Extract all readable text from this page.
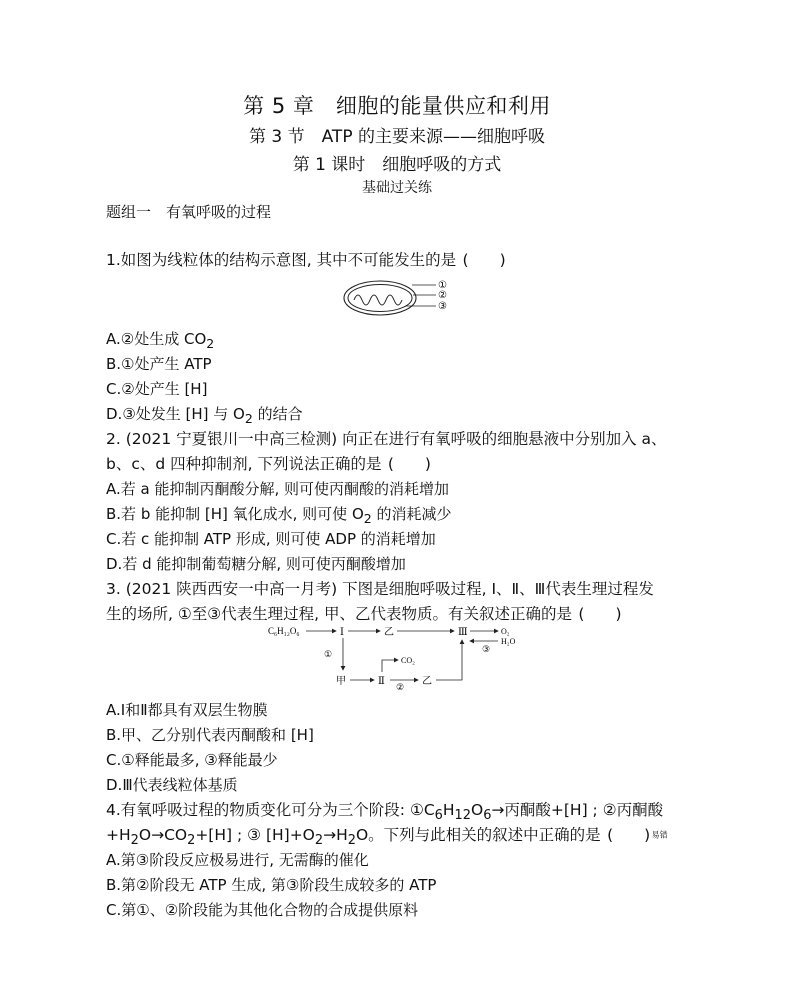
第 5 章　细胞的能量供应和利用
第 3 节　ATP 的主要来源——细胞呼吸
第 1 课时　细胞呼吸的方式
基础过关练
题组一　有氧呼吸的过程
1.如图为线粒体的结构示意图, 其中不可能发生的是 (　　)
①
②
③
A.②处生成 $CO_2$
B.①处产生 ATP
C.②处产生 [H]
D.③处发生 [H] 与 $O_2$ 的结合
2. (2021 宁夏银川一中高三检测) 向正在进行有氧呼吸的细胞悬液中分别加入 a、
b、c、d 四种抑制剂, 下列说法正确的是 (　　)
A.若 a 能抑制丙酮酸分解, 则可使丙酮酸的消耗增加
B.若 b 能抑制 [H] 氧化成水, 则可使 $O_2$ 的消耗减少
C.若 c 能抑制 ATP 形成, 则可使 ADP 的消耗增加
D.若 d 能抑制葡萄糖分解, 则可使丙酮酸增加
3. (2021 陕西西安一中高一月考) 下图是细胞呼吸过程, Ⅰ、Ⅱ、Ⅲ代表生理过程发
生的场所, ①至③代表生理过程, 甲、乙代表物质。有关叙述正确的是 (　　)
C₆H₁₂O₆	Ⅰ	乙	Ⅲ	O₂
H₂O
③
①
甲	Ⅱ
CO₂
② 乙
A.Ⅰ和Ⅱ都具有双层生物膜
B.甲、乙分别代表丙酮酸和 [H]
C.①释能最多, ③释能最少
D.Ⅲ代表线粒体基质
4.有氧呼吸过程的物质变化可分为三个阶段: $①C_6H_{12}O_6\to$丙酮酸+[H] ; ②丙酮酸
$+H_2O\to CO_2+[H]$ ; ③ $[H]+O_2\to H_2O$。下列与此相关的叙述中正确的是 (　　)易错
A.第③阶段反应极易进行, 无需酶的催化
B.第②阶段无 ATP 生成, 第③阶段生成较多的 ATP
C.第①、②阶段能为其他化合物的合成提供原料
